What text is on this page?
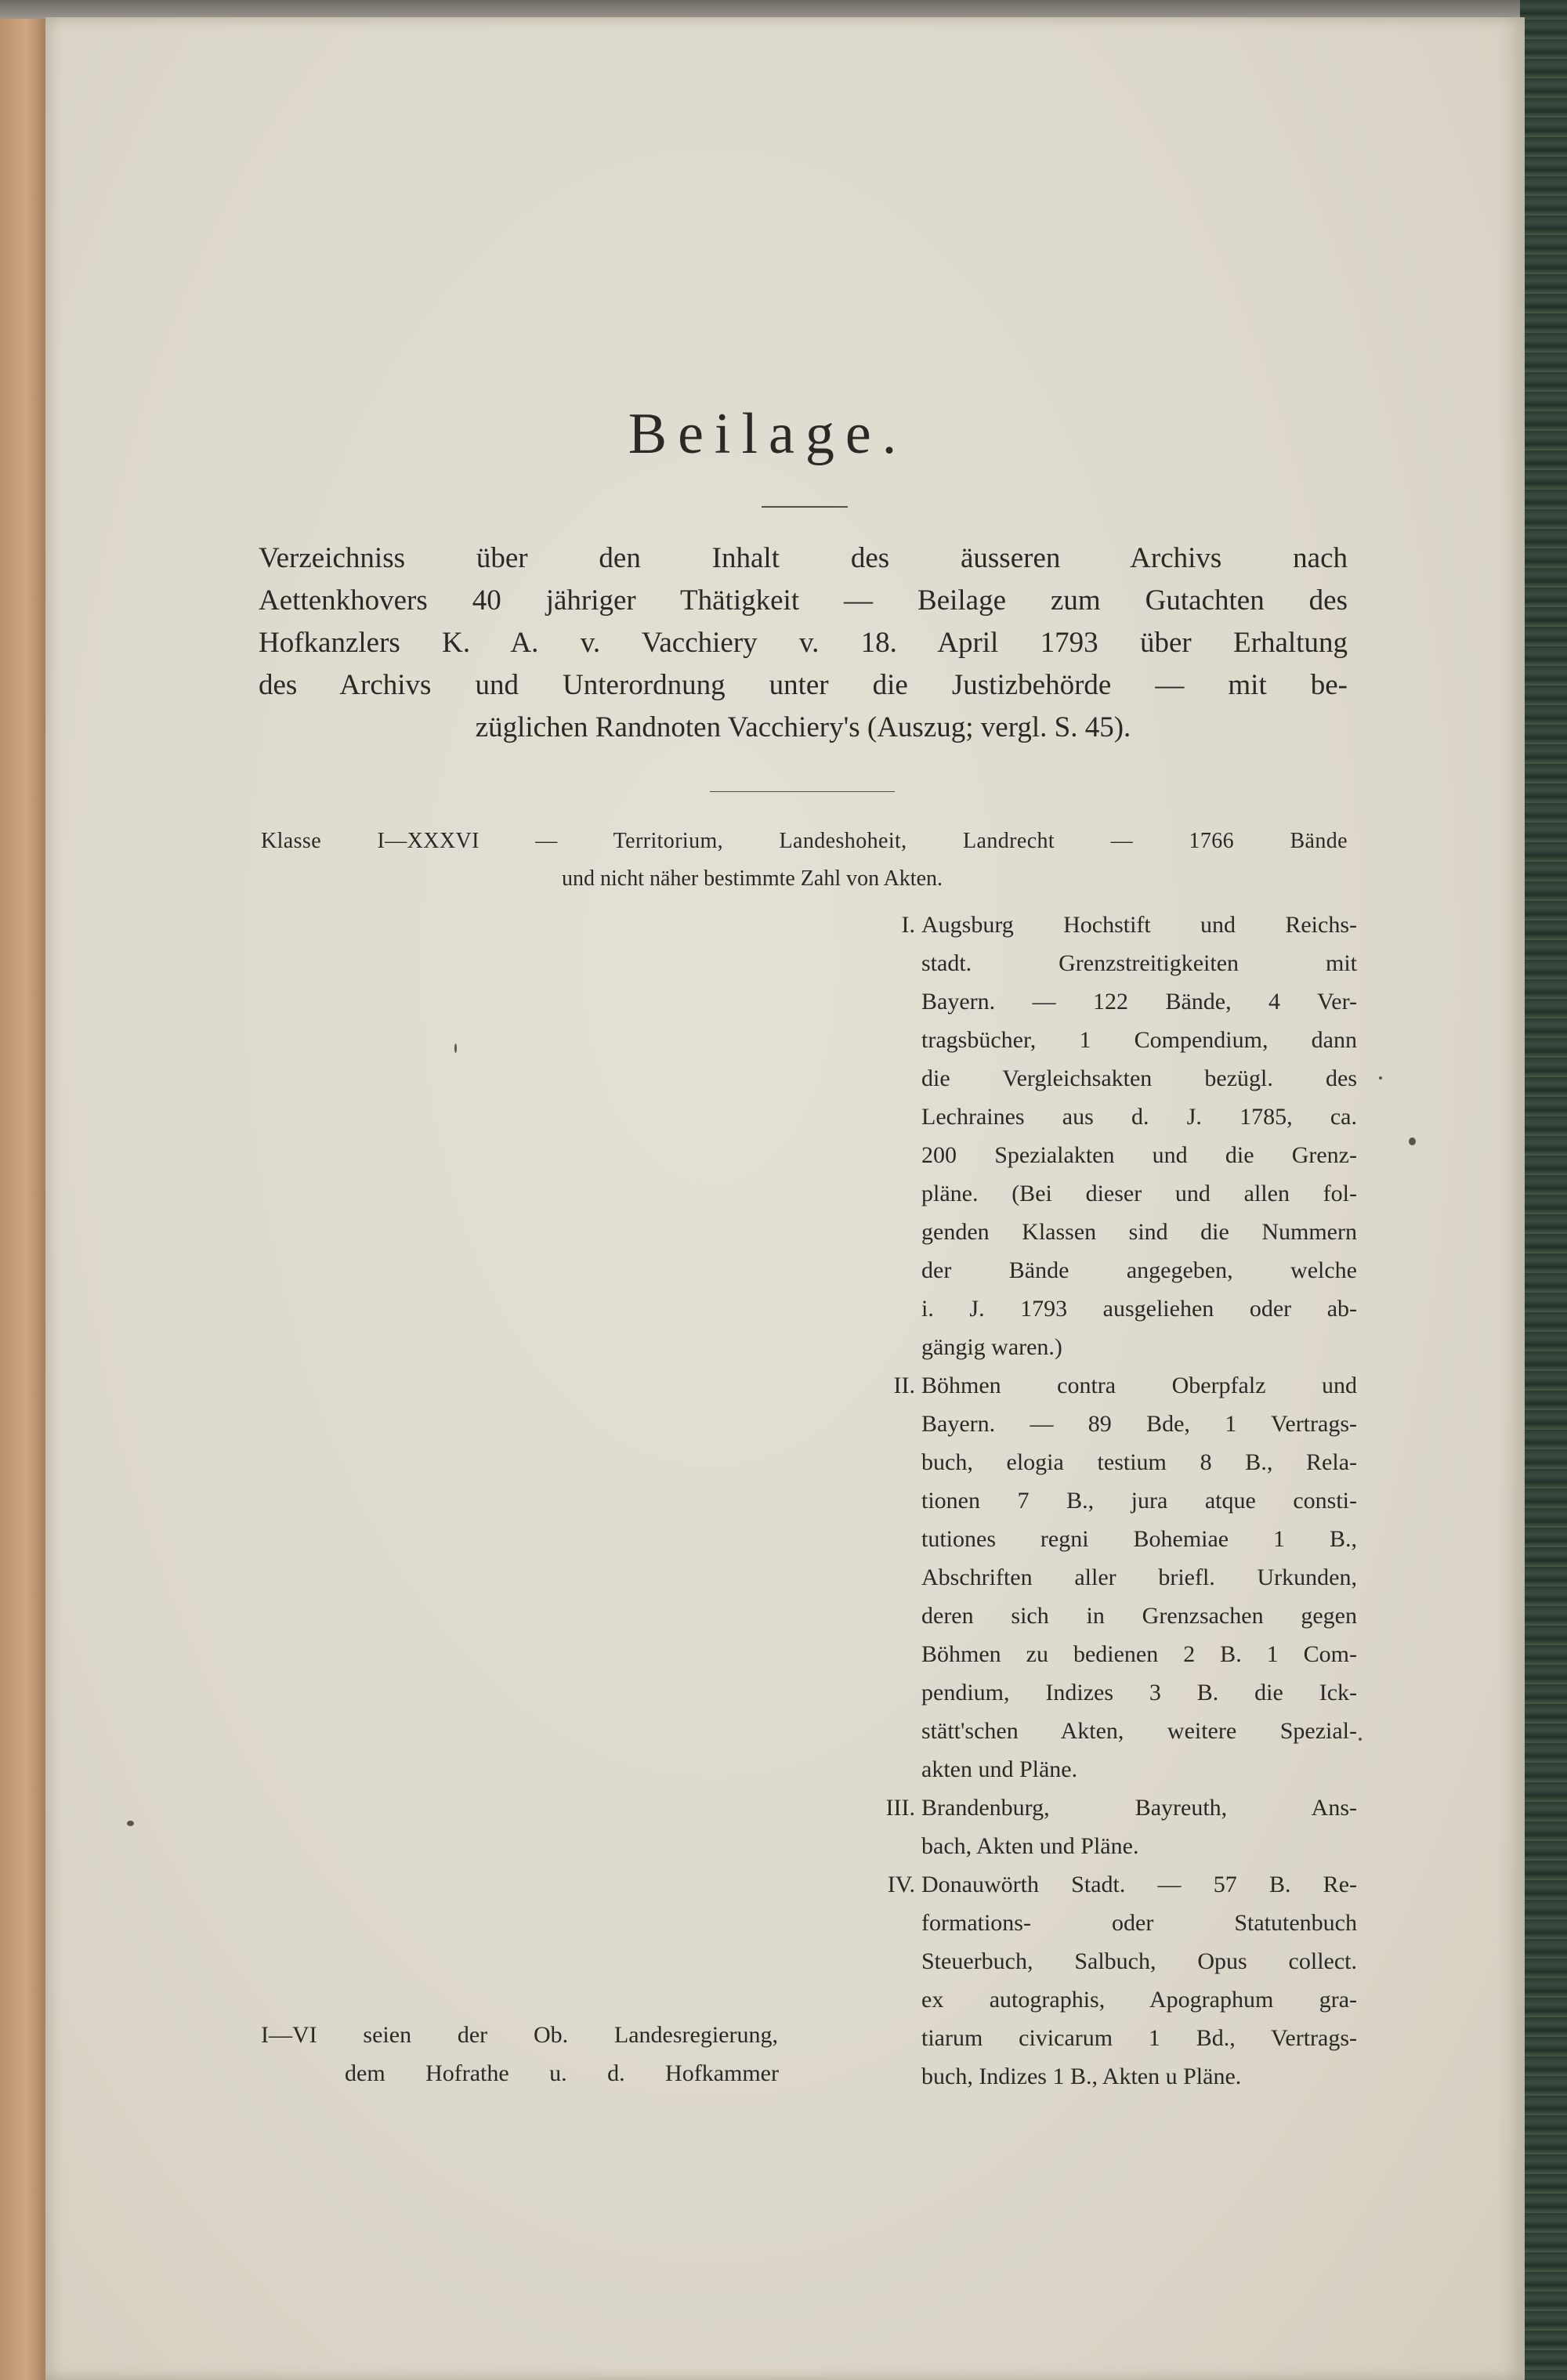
Beilage.

Verzeichniss über den Inhalt des äusseren Archivs nach

Aettenkhovers 40 jähriger Thätigkeit — Beilage zum Gutachten des

Hofkanzlers K. A. v. Vacchiery v. 18. April 1793 über Erhaltung

des Archivs und Unterordnung unter die Justizbehörde — mit be-

züglichen Randnoten Vacchiery's (Auszug; vergl. S. 45).

Klasse I—XXXVI — Territorium, Landeshoheit, Landrecht — 1766 Bände

und nicht näher bestimmte Zahl von Akten.

I. Augsburg Hochstift und Reichs-
stadt. Grenzstreitigkeiten mit
Bayern. — 122 Bände, 4 Ver-
tragsbücher, 1 Compendium, dann
die Vergleichsakten bezügl. des
Lechraines aus d. J. 1785, ca.
200 Spezialakten und die Grenz-
pläne. (Bei dieser und allen fol-
genden Klassen sind die Nummern
der Bände angegeben, welche
i. J. 1793 ausgeliehen oder ab-
gängig waren.)
II. Böhmen contra Oberpfalz und
Bayern. — 89 Bde, 1 Vertrags-
buch, elogia testium 8 B., Rela-
tionen 7 B., jura atque consti-
tutiones regni Bohemiae 1 B.,
Abschriften aller briefl. Urkunden,
deren sich in Grenzsachen gegen
Böhmen zu bedienen 2 B. 1 Com-
pendium, Indizes 3 B. die Ick-
stätt'schen Akten, weitere Spezial-
akten und Pläne.
III. Brandenburg, Bayreuth, Ans-
bach, Akten und Pläne.
IV. Donauwörth Stadt. — 57 B. Re-
formations- oder Statutenbuch
Steuerbuch, Salbuch, Opus collect.
ex autographis, Apographum gra-
tiarum civicarum 1 Bd., Vertrags-
buch, Indizes 1 B., Akten u Pläne.

I—VI seien der Ob. Landesregierung,

dem Hofrathe u. d. Hofkammer
